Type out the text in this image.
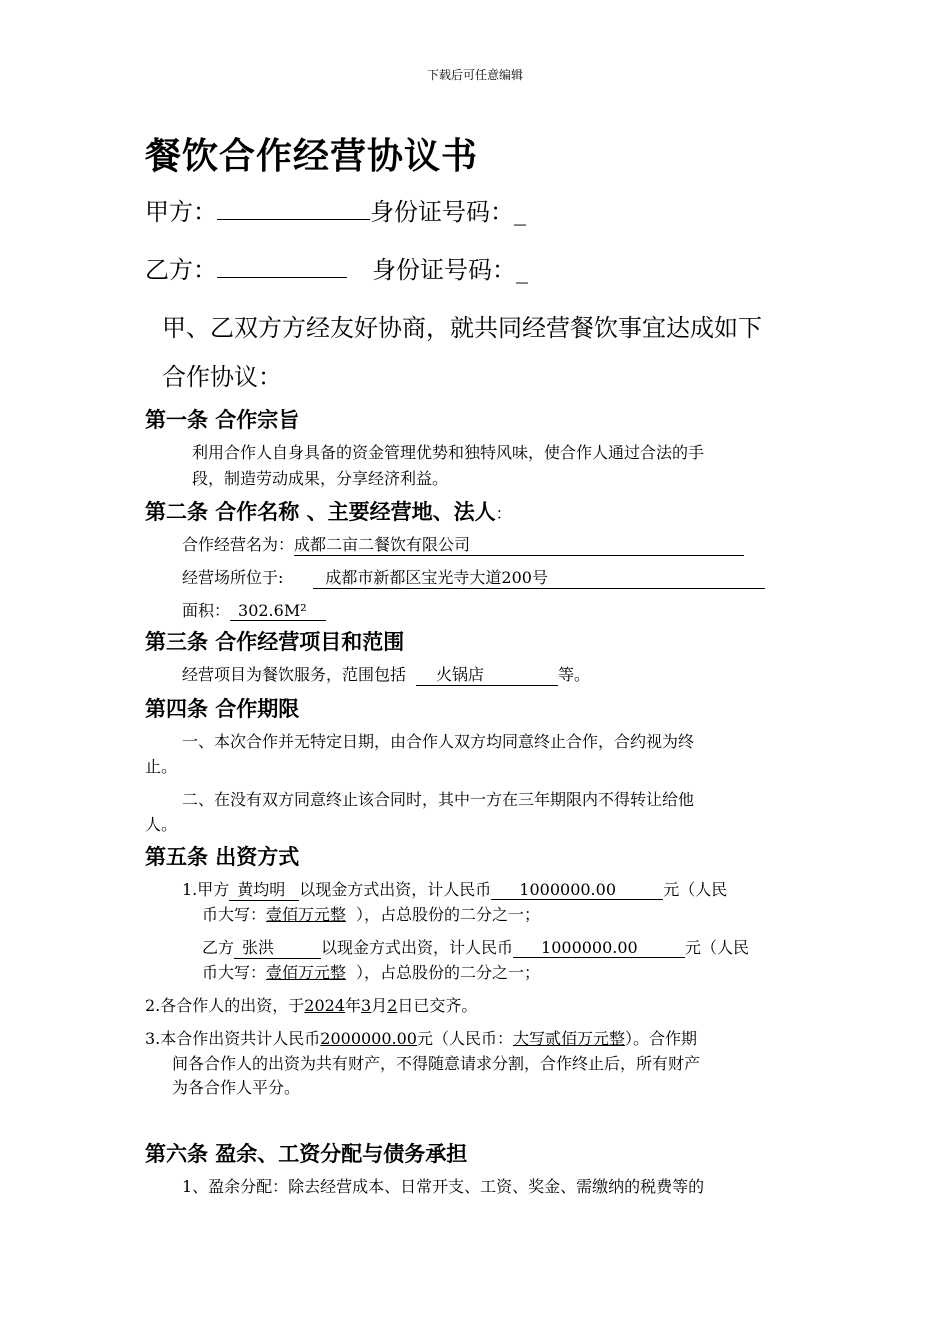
下载后可任意编辑
餐饮合作经营协议书
甲方：	身份证号码：_
乙方：	身份证号码：_
甲、乙双方方经友好协商，就共同经营餐饮事宜达成如下
合作协议：
第一条 合作宗旨
利用合作人自身具备的资金管理优势和独特风味，使合作人通过合法的手
段，制造劳动成果，分享经济利益。
第二条 合作名称 、主要经营地、法人：
合作经营名为：成都二亩二餐饮有限公司
经营场所位于:	成都市新都区宝光寺大道200号
面积： 302.6M²
第三条 合作经营项目和范围
经营项目为餐饮服务，范围包括 火锅店	等。
第四条 合作期限
一、本次合作并无特定日期，由合作人双方均同意终止合作，合约视为终
止。
二、在没有双方同意终止该合同时，其中一方在三年期限内不得转让给他
人。
第五条 出资方式
1.甲方 黄均明 以现金方式出资，计人民币 1000000.00	元（人民
币大写：壹佰万元整 ），占总股份的二分之一；
乙方 张洪	以现金方式出资，计人民币 1000000.00	元（人民
币大写：壹佰万元整 ），占总股份的二分之一；
2.各合作人的出资，于2024年3月2日已交齐。
3.本合作出资共计人民币2000000.00元（人民币：大写贰佰万元整）。合作期
间各合作人的出资为共有财产，不得随意请求分割，合作终止后，所有财产
为各合作人平分。
第六条 盈余、工资分配与债务承担
1、盈余分配：除去经营成本、日常开支、工资、奖金、需缴纳的税费等的
